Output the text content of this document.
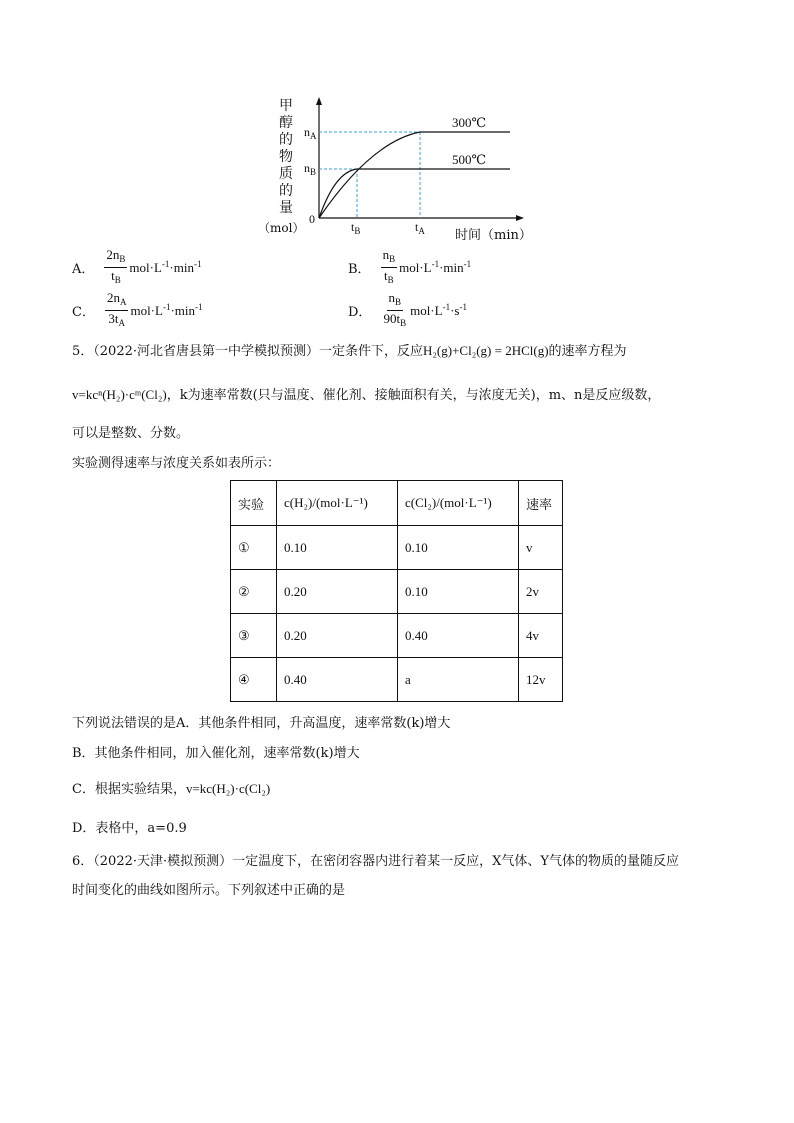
甲
醇
的
物
质
的
量
（mol）
$n_A$
$n_B$
0
$t_B$	$t_A$ 时间（min）
300℃
500℃
A． $\frac{2n_B}{t_B} mol\cdot L^{-1}\cdot\min^{-1}$	B． $\frac{n_B}{t_B} mol\cdot L^{-1}\cdot\min^{-1}$
C． $\frac{2n_A}{3t_A} mol\cdot L^{-1}\cdot\min^{-1}$	D． $\frac{n_B}{90t_B} mol\cdot L^{-1}\cdot s^{-1}$
5．（2022·河北省唐县第一中学模拟预测）一定条件下，反应H₂(g)+Cl₂(g) = 2HCl(g)的速率方程为
v=kcⁿ(H₂)·cᵐ(Cl₂)，k为速率常数(只与温度、催化剂、接触面积有关，与浓度无关)，m、n是反应级数，
可以是整数、分数。
实验测得速率与浓度关系如表所示：
实验	c(H₂)/(mol·L⁻¹)	c(Cl₂)/(mol·L⁻¹)	速率
①	0.10	0.10	v
②	0.20	0.10	2v
③	0.20	0.40	4v
④	0.40	a	12v
下列说法错误的是A．其他条件相同，升高温度，速率常数(k)增大
B．其他条件相同，加入催化剂，速率常数(k)增大
C．根据实验结果，v=kc(H₂)·c(Cl₂)
D．表格中，a=0.9
6．（2022·天津·模拟预测）一定温度下，在密闭容器内进行着某一反应，X气体、Y气体的物质的量随反应
时间变化的曲线如图所示。下列叙述中正确的是
